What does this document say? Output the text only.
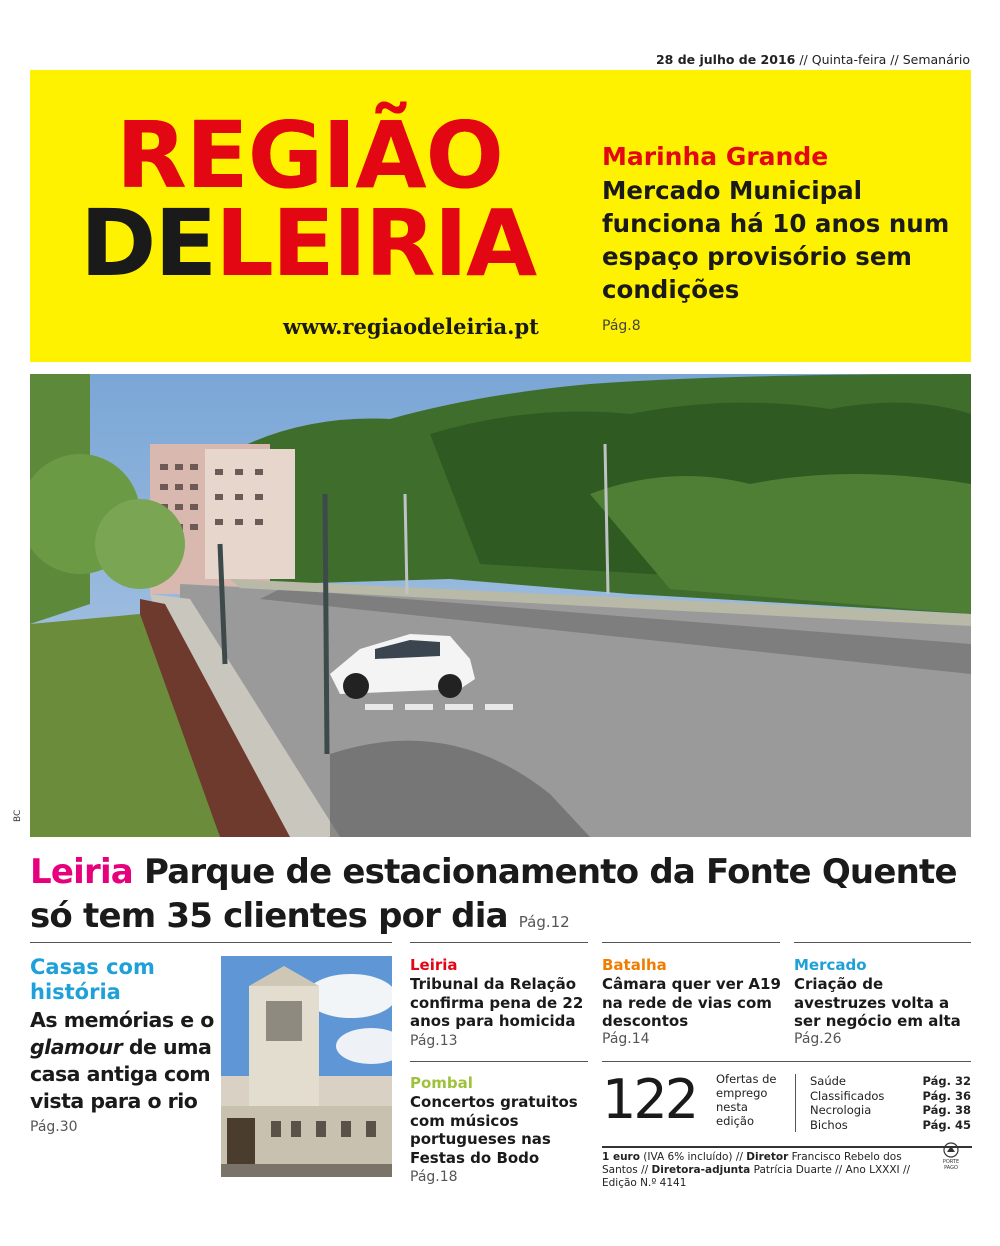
28 de julho de 2016 // Quinta-feira // Semanário
REGIÃO
DELEIRIA
www.regiaodeleiria.pt
Marinha Grande
Mercado Municipal funciona há 10 anos num espaço provisório sem condições
Pág.8
BC
Leiria Parque de estacionamento da Fonte Quente só tem 35 clientes por dia Pág.12
Casas com história
As memórias e o glamour de uma casa antiga com vista para o rio
Pág.30
Leiria
Tribunal da Relação confirma pena de 22 anos para homicida Pág.13
Batalha
Câmara quer ver A19 na rede de vias com descontos
Pág.14
Mercado
Criação de avestruzes volta a ser negócio em alta
Pág.26
Pombal
Concertos gratuitos com músicos portugueses nas Festas do Bodo Pág.18
122 Ofertas de emprego nesta edição
Saúde	Pág. 32
Classificados	Pág. 36
Necrologia	Pág. 38
Bichos	Pág. 45
1 euro (IVA 6% incluído) // Diretor Francisco Rebelo dos Santos // Diretora-adjunta Patrícia Duarte // Ano LXXXI // Edição N.º 4141
PORTE PAGO
